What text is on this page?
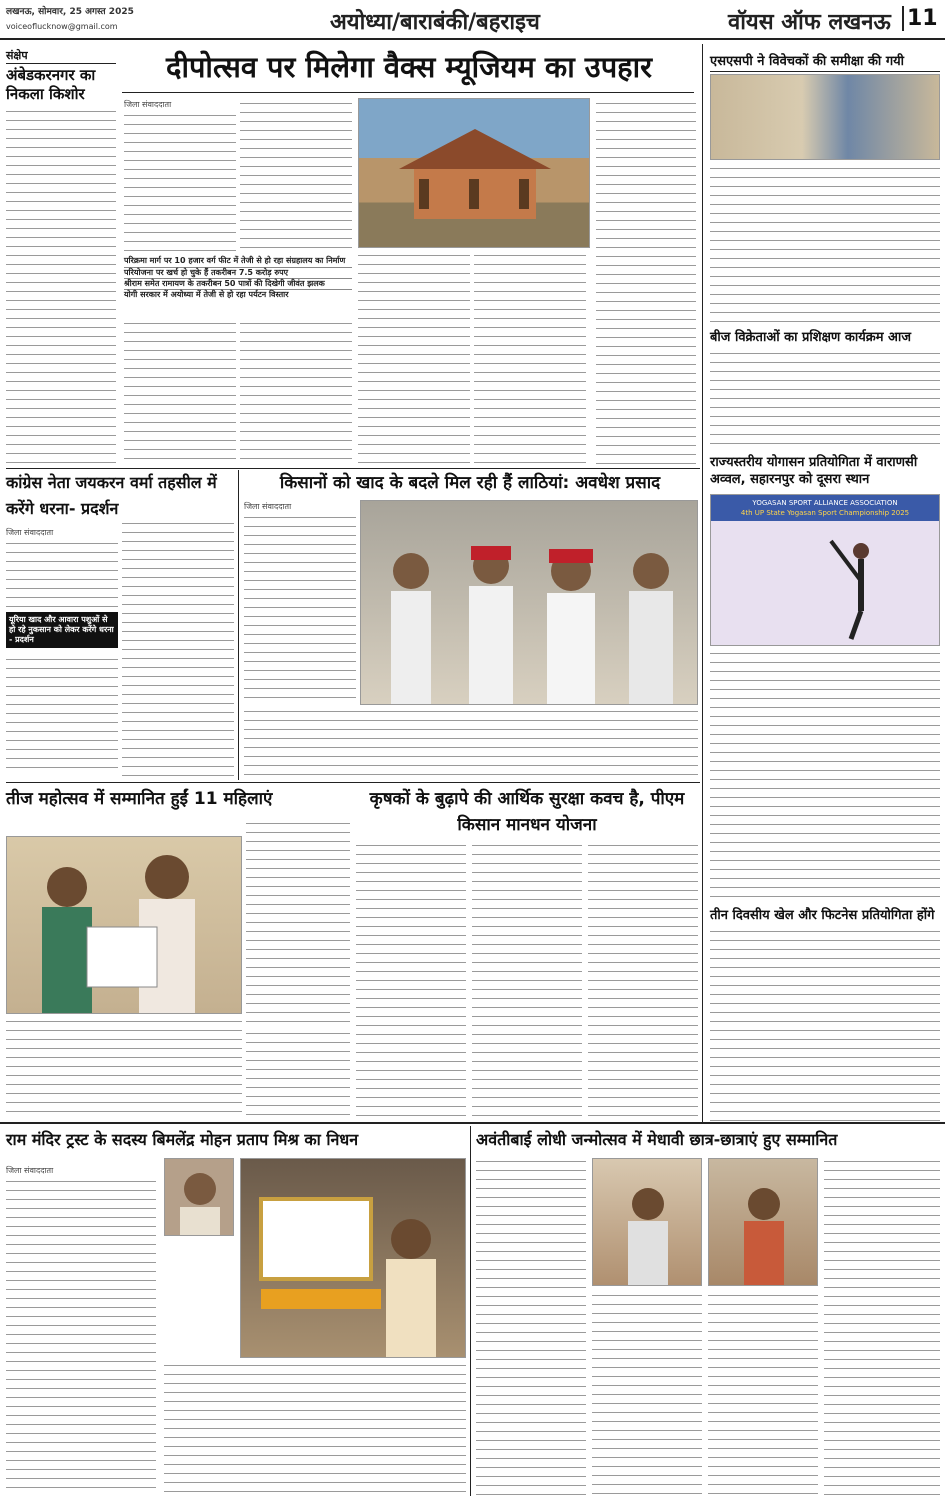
लखनऊ, सोमवार, 25 अगस्त 2025
voiceoflucknow@gmail.com	अयोध्या/बाराबंकी/बहराइच	वॉयस ऑफ लखनऊ 11
संक्षेप
अंबेडकरनगर का निकला किशोर
दीपोत्सव पर मिलेगा वैक्स म्यूजियम का उपहार
जिला संवाददाता
परिक्रमा मार्ग पर 10 हजार वर्ग फीट में तेजी से हो रहा संग्रहालय का निर्माण
परियोजना पर खर्च हो चुके हैं तकरीबन 7.5 करोड़ रुपए
श्रीराम समेत रामायण के तकरीबन 50 पात्रों की दिखेगी जीवंत झलक
योगी सरकार में अयोध्या में तेजी से हो रहा पर्यटन विस्तार
एसएसपी ने विवेचकों की समीक्षा की गयी
बीज विक्रेताओं का प्रशिक्षण कार्यक्रम आज
राज्यस्तरीय योगासन प्रतियोगिता में वाराणसी अव्वल, सहारनपुर को दूसरा स्थान
YOGASAN SPORT ALLIANCE ASSOCIATION
4th UP State Yogasan Sport Championship 2025
तीन दिवसीय खेल और फिटनेस प्रतियोगिता होंगे
कांग्रेस नेता जयकरन वर्मा तहसील में करेंगे धरना- प्रदर्शन
जिला संवाददाता
यूरिया खाद और आवारा पशुओं से हो रहे नुकसान को लेकर करेंगे धरना - प्रदर्शन
किसानों को खाद के बदले मिल रही हैं लाठियां: अवधेश प्रसाद
जिला संवाददाता
तीज महोत्सव में सम्मानित हुईं 11 महिलाएं	कृषकों के बुढ़ापे की आर्थिक सुरक्षा कवच है, पीएम किसान मानधन योजना
राम मंदिर ट्रस्ट के सदस्य बिमलेंद्र मोहन प्रताप मिश्र का निधन
जिला संवाददाता
अवंतीबाई लोधी जन्मोत्सव में मेधावी छात्र-छात्राएं हुए सम्मानित
